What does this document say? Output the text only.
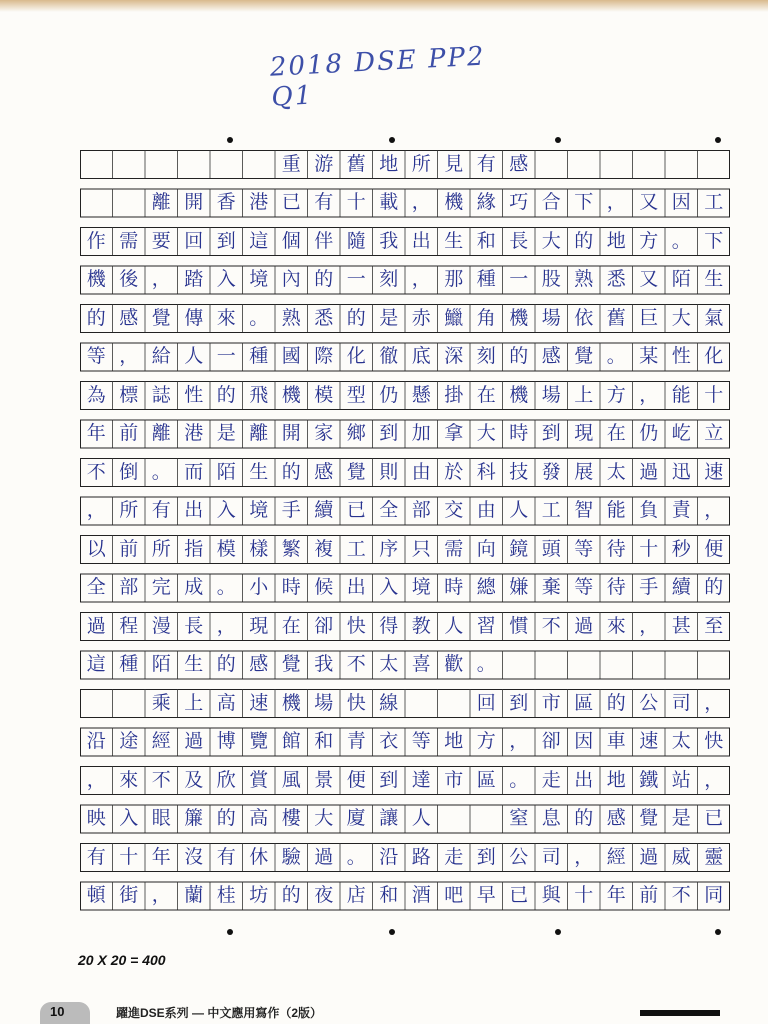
2018 DSE PP2 Q1
重 游 舊 地 所 見 有 感
離 開 香 港 已 有 十 載 ， 機 緣 巧 合 下 ， 又 因 工
作 需 要 回 到 這 個 伴 隨 我 出 生 和 長 大 的 地 方 。 下
機 後 ， 踏 入 境 內 的 一 刻 ， 那 種 一 股 熟 悉 又 陌 生
的 感 覺 傳 來 。 熟 悉 的 是 赤 鱲 角 機 場 依 舊 巨 大 氣
等 ， 給 人 一 種 國 際 化 徹 底 深 刻 的 感 覺 。 某 性 化
為 標 誌 性 的 飛 機 模 型 仍 懸 掛 在 機 場 上 方 ， 能 十
年 前 離 港 是 離 開 家 鄉 到 加 拿 大 時 到 現 在 仍 屹 立
不 倒 。 而 陌 生 的 感 覺 則 由 於 科 技 發 展 太 過 迅 速
， 所 有 出 入 境 手 續 已 全 部 交 由 人 工 智 能 負 責 ，
以 前 所 指 模 樣 繁 複 工 序 只 需 向 鏡 頭 等 待 十 秒 便
全 部 完 成 。 小 時 候 出 入 境 時 總 嫌 棄 等 待 手 續 的
過 程 漫 長 ， 現 在 卻 快 得 教 人 習 慣 不 過 來 ， 甚 至
這 種 陌 生 的 感 覺 我 不 太 喜 歡 。
乘 上 高 速 機 場 快 線	回 到 市 區 的 公 司 ，
沿 途 經 過 博 覽 館 和 青 衣 等 地 方 ， 卻 因 車 速 太 快
， 來 不 及 欣 賞 風 景 便 到 達 市 區 。 走 出 地 鐵 站 ，
映 入 眼 簾 的 高 樓 大 廈 讓 人	窒 息 的 感 覺 是 已
有 十 年 沒 有 休 驗 過 。 沿 路 走 到 公 司 ， 經 過 威 靈
頓 街 ， 蘭 桂 坊 的 夜 店 和 酒 吧 早 已 與 十 年 前 不 同
20 X 20 = 400
10	躍進DSE系列 — 中文應用寫作（2版）
